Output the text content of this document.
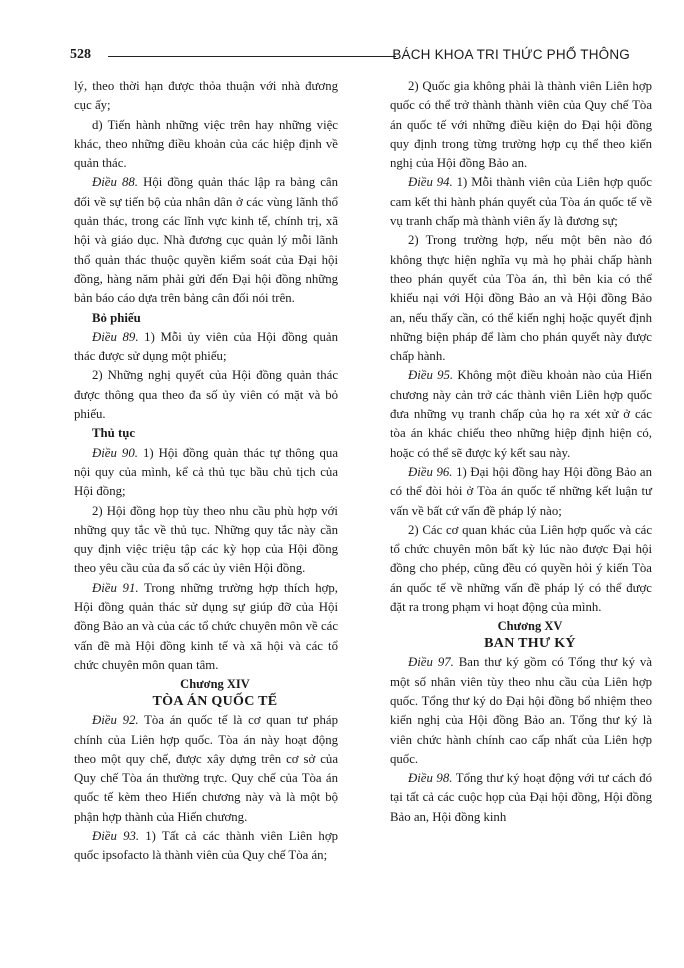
528	BÁCH KHOA TRI THỨC PHỔ THÔNG

lý, theo thời hạn được thỏa thuận với nhà đương cục ấy;

d) Tiến hành những việc trên hay những việc khác, theo những điều khoản của các hiệp định về quản thác.

Điều 88. Hội đồng quản thác lập ra bảng cân đối về sự tiến bộ của nhân dân ở các vùng lãnh thổ quản thác, trong các lĩnh vực kinh tế, chính trị, xã hội và giáo dục. Nhà đương cục quản lý mỗi lãnh thổ quản thác thuộc quyền kiểm soát của Đại hội đồng, hàng năm phải gửi đến Đại hội đồng những bản báo cáo dựa trên bảng cân đối nói trên.

Bỏ phiếu

Điều 89. 1) Mỗi ủy viên của Hội đồng quản thác được sử dụng một phiếu;

2) Những nghị quyết của Hội đồng quản thác được thông qua theo đa số ủy viên có mặt và bỏ phiếu.

Thủ tục

Điều 90. 1) Hội đồng quản thác tự thông qua nội quy của mình, kể cả thủ tục bầu chủ tịch của Hội đồng;

2) Hội đồng họp tùy theo nhu cầu phù hợp với những quy tắc về thủ tục. Những quy tắc này cần quy định việc triệu tập các kỳ họp của Hội đồng theo yêu cầu của đa số các ủy viên Hội đồng.

Điều 91. Trong những trường hợp thích hợp, Hội đồng quản thác sử dụng sự giúp đỡ của Hội đồng Bảo an và của các tổ chức chuyên môn về các vấn đề mà Hội đồng kinh tế và xã hội và các tổ chức chuyên môn quan tâm.

Chương XIV

TÒA ÁN QUỐC TẾ

Điều 92. Tòa án quốc tế là cơ quan tư pháp chính của Liên hợp quốc. Tòa án này hoạt động theo một quy chế, được xây dựng trên cơ sở của Quy chế Tòa án thường trực. Quy chế của Tòa án quốc tế kèm theo Hiến chương này và là một bộ phận hợp thành của Hiến chương.

Điều 93. 1) Tất cả các thành viên Liên hợp quốc ipsofacto là thành viên của Quy chế Tòa án;

2) Quốc gia không phải là thành viên Liên hợp quốc có thể trở thành thành viên của Quy chế Tòa án quốc tế với những điều kiện do Đại hội đồng quy định trong từng trường hợp cụ thể theo kiến nghị của Hội đồng Bảo an.

Điều 94. 1) Mỗi thành viên của Liên hợp quốc cam kết thi hành phán quyết của Tòa án quốc tế về vụ tranh chấp mà thành viên ấy là đương sự;

2) Trong trường hợp, nếu một bên nào đó không thực hiện nghĩa vụ mà họ phải chấp hành theo phán quyết của Tòa án, thì bên kia có thể khiếu nại với Hội đồng Bảo an và Hội đồng Bảo an, nếu thấy cần, có thể kiến nghị hoặc quyết định những biện pháp để làm cho phán quyết này được chấp hành.

Điều 95. Không một điều khoản nào của Hiến chương này cản trở các thành viên Liên hợp quốc đưa những vụ tranh chấp của họ ra xét xử ở các tòa án khác chiếu theo những hiệp định hiện có, hoặc có thể sẽ được ký kết sau này.

Điều 96. 1) Đại hội đồng hay Hội đồng Bảo an có thể đòi hỏi ở Tòa án quốc tế những kết luận tư vấn về bất cứ vấn đề pháp lý nào;

2) Các cơ quan khác của Liên hợp quốc và các tổ chức chuyên môn bất kỳ lúc nào được Đại hội đồng cho phép, cũng đều có quyền hỏi ý kiến Tòa án quốc tế về những vấn đề pháp lý có thể được đặt ra trong phạm vi hoạt động của mình.

Chương XV

BAN THƯ KÝ

Điều 97. Ban thư ký gồm có Tổng thư ký và một số nhân viên tùy theo nhu cầu của Liên hợp quốc. Tổng thư ký do Đại hội đồng bổ nhiệm theo kiến nghị của Hội đồng Bảo an. Tổng thư ký là viên chức hành chính cao cấp nhất của Liên hợp quốc.

Điều 98. Tổng thư ký hoạt động với tư cách đó tại tất cả các cuộc họp của Đại hội đồng, Hội đồng Bảo an, Hội đồng kinh
